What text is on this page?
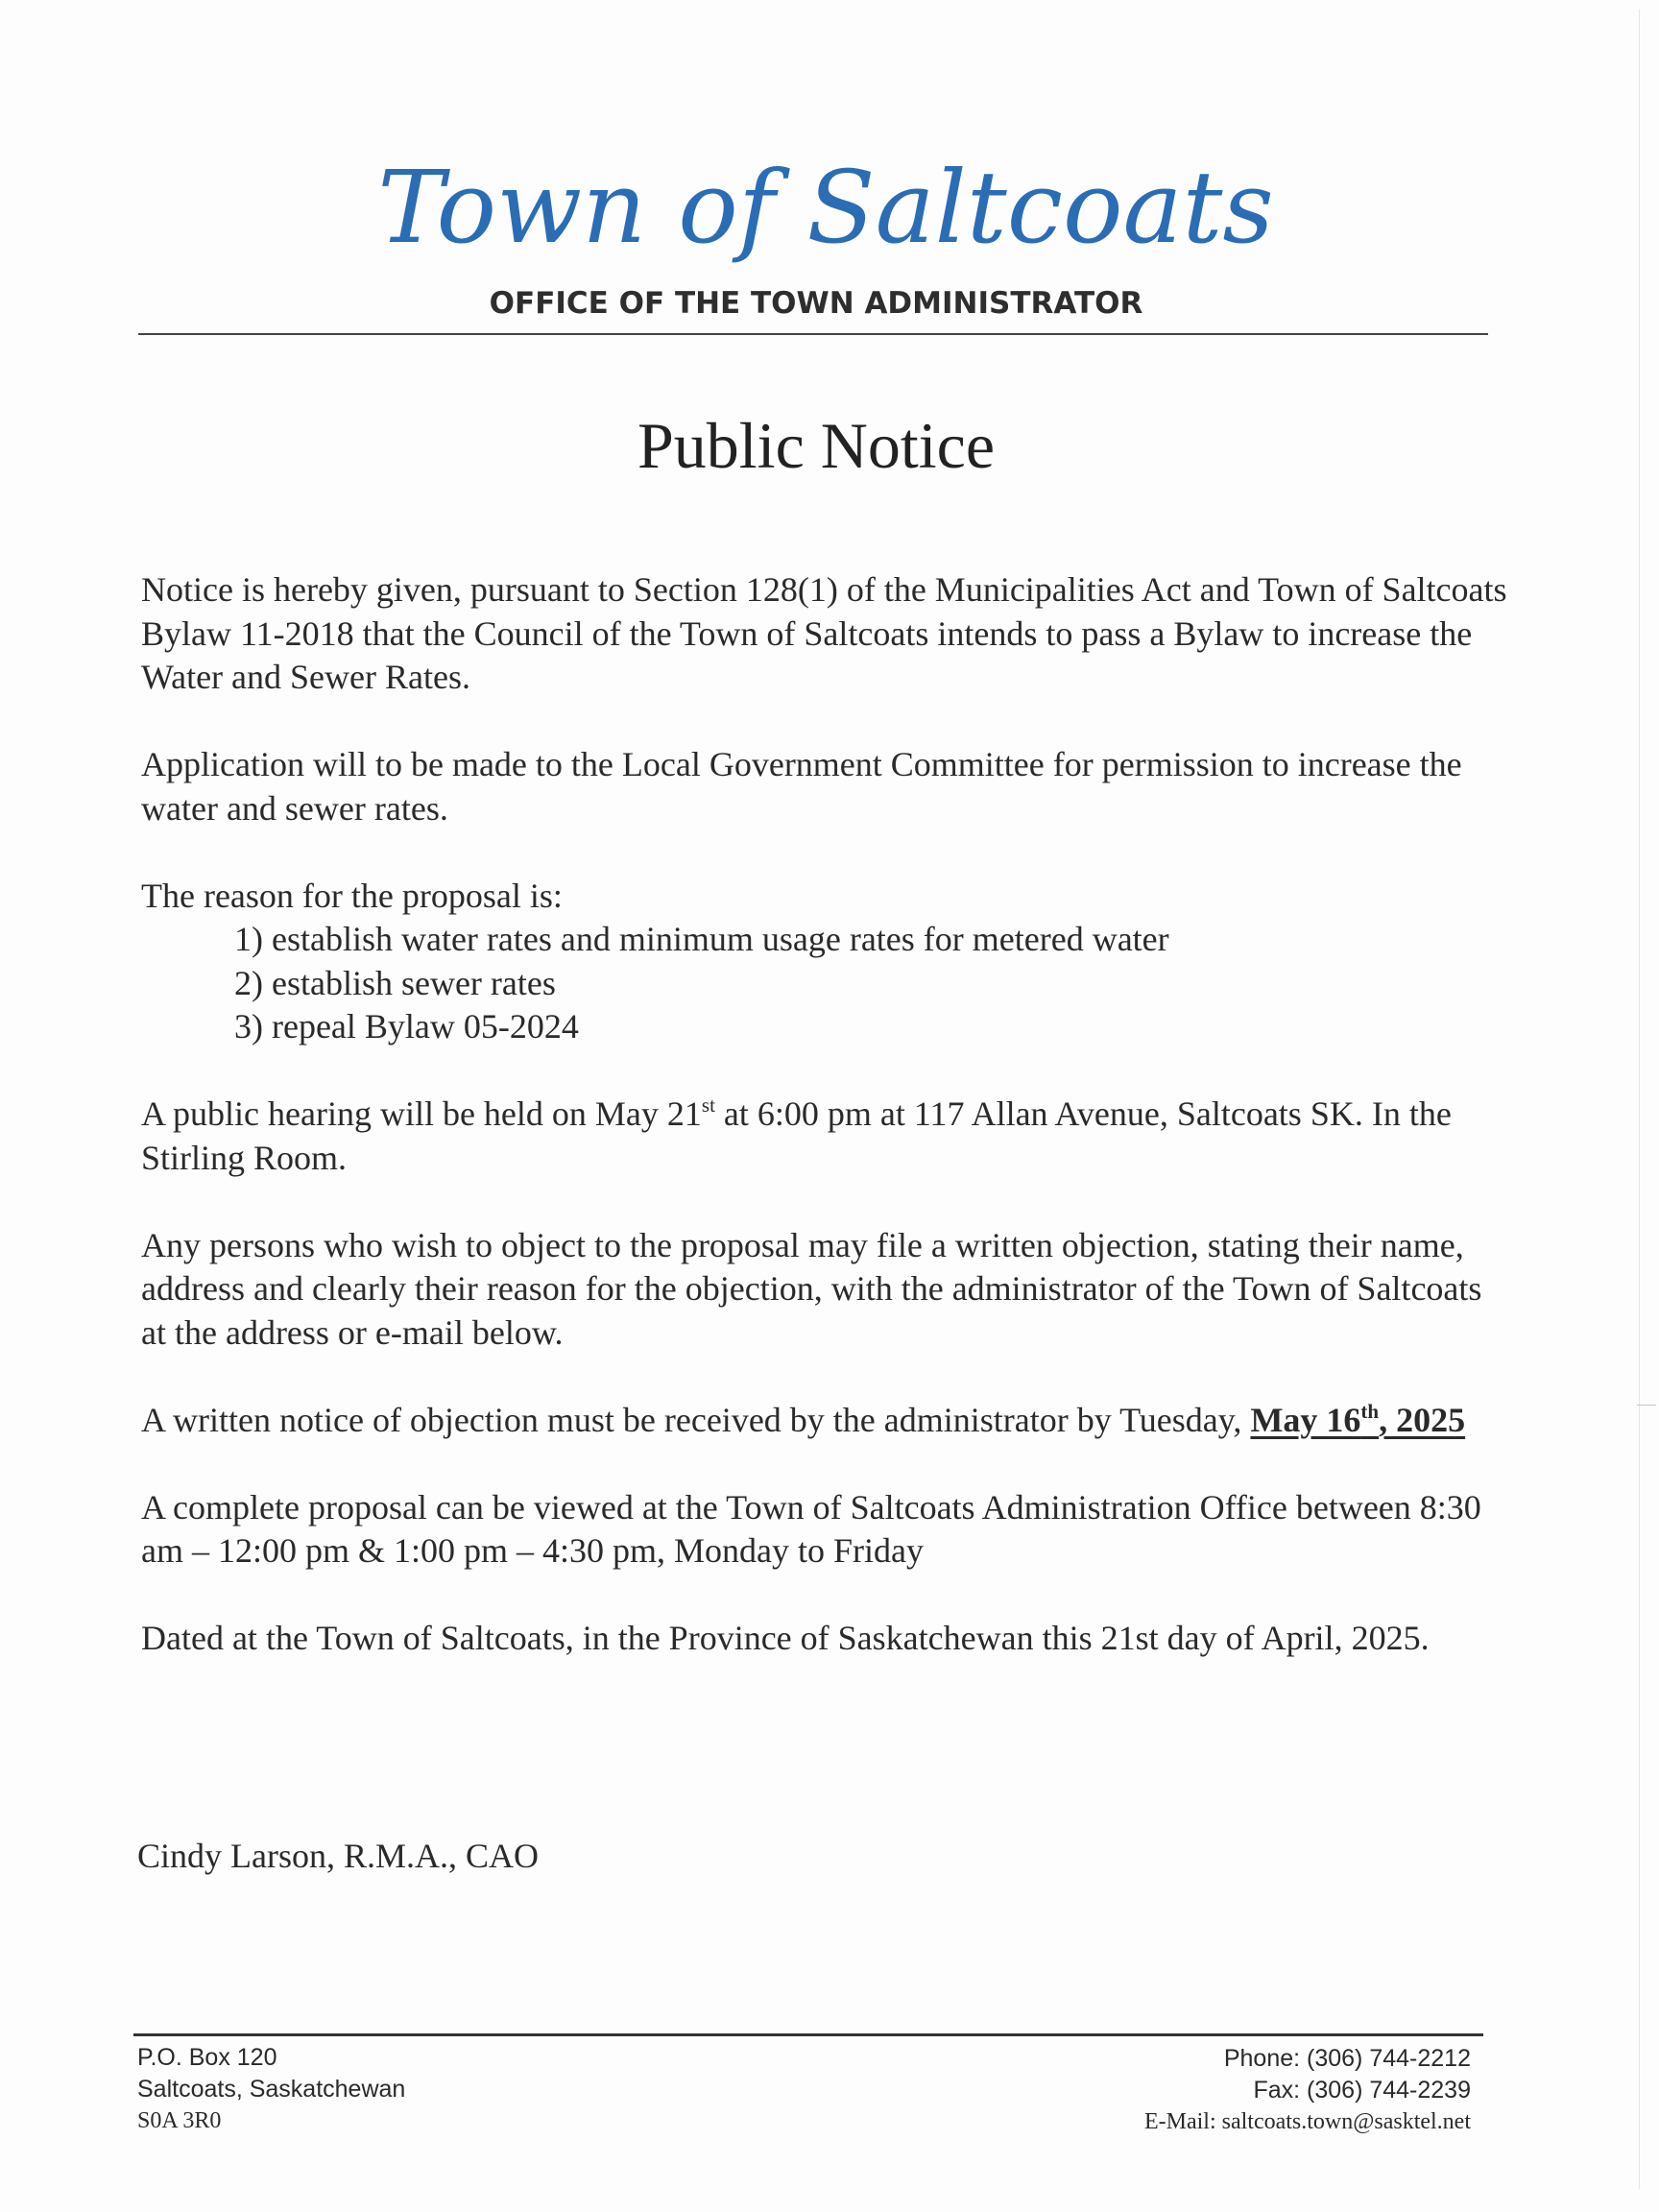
Town of Saltcoats
OFFICE OF THE TOWN ADMINISTRATOR
Public Notice

Notice is hereby given, pursuant to Section 128(1) of the Municipalities Act and Town of Saltcoats Bylaw 11-2018 that the Council of the Town of Saltcoats intends to pass a Bylaw to increase the Water and Sewer Rates.

Application will to be made to the Local Government Committee for permission to increase the water and sewer rates.

The reason for the proposal is:
1) establish water rates and minimum usage rates for metered water
2) establish sewer rates
3) repeal Bylaw 05-2024

A public hearing will be held on May 21st at 6:00 pm at 117 Allan Avenue, Saltcoats SK. In the Stirling Room.

Any persons who wish to object to the proposal may file a written objection, stating their name, address and clearly their reason for the objection, with the administrator of the Town of Saltcoats at the address or e-mail below.

A written notice of objection must be received by the administrator by Tuesday, May 16th, 2025

A complete proposal can be viewed at the Town of Saltcoats Administration Office between 8:30 am – 12:00 pm & 1:00 pm – 4:30 pm, Monday to Friday

Dated at the Town of Saltcoats, in the Province of Saskatchewan this 21st day of April, 2025.

Cindy Larson, R.M.A., CAO
P.O. Box 120
Saltcoats, Saskatchewan
S0A 3R0
Phone: (306) 744-2212
Fax: (306) 744-2239
E-Mail: saltcoats.town@sasktel.net
